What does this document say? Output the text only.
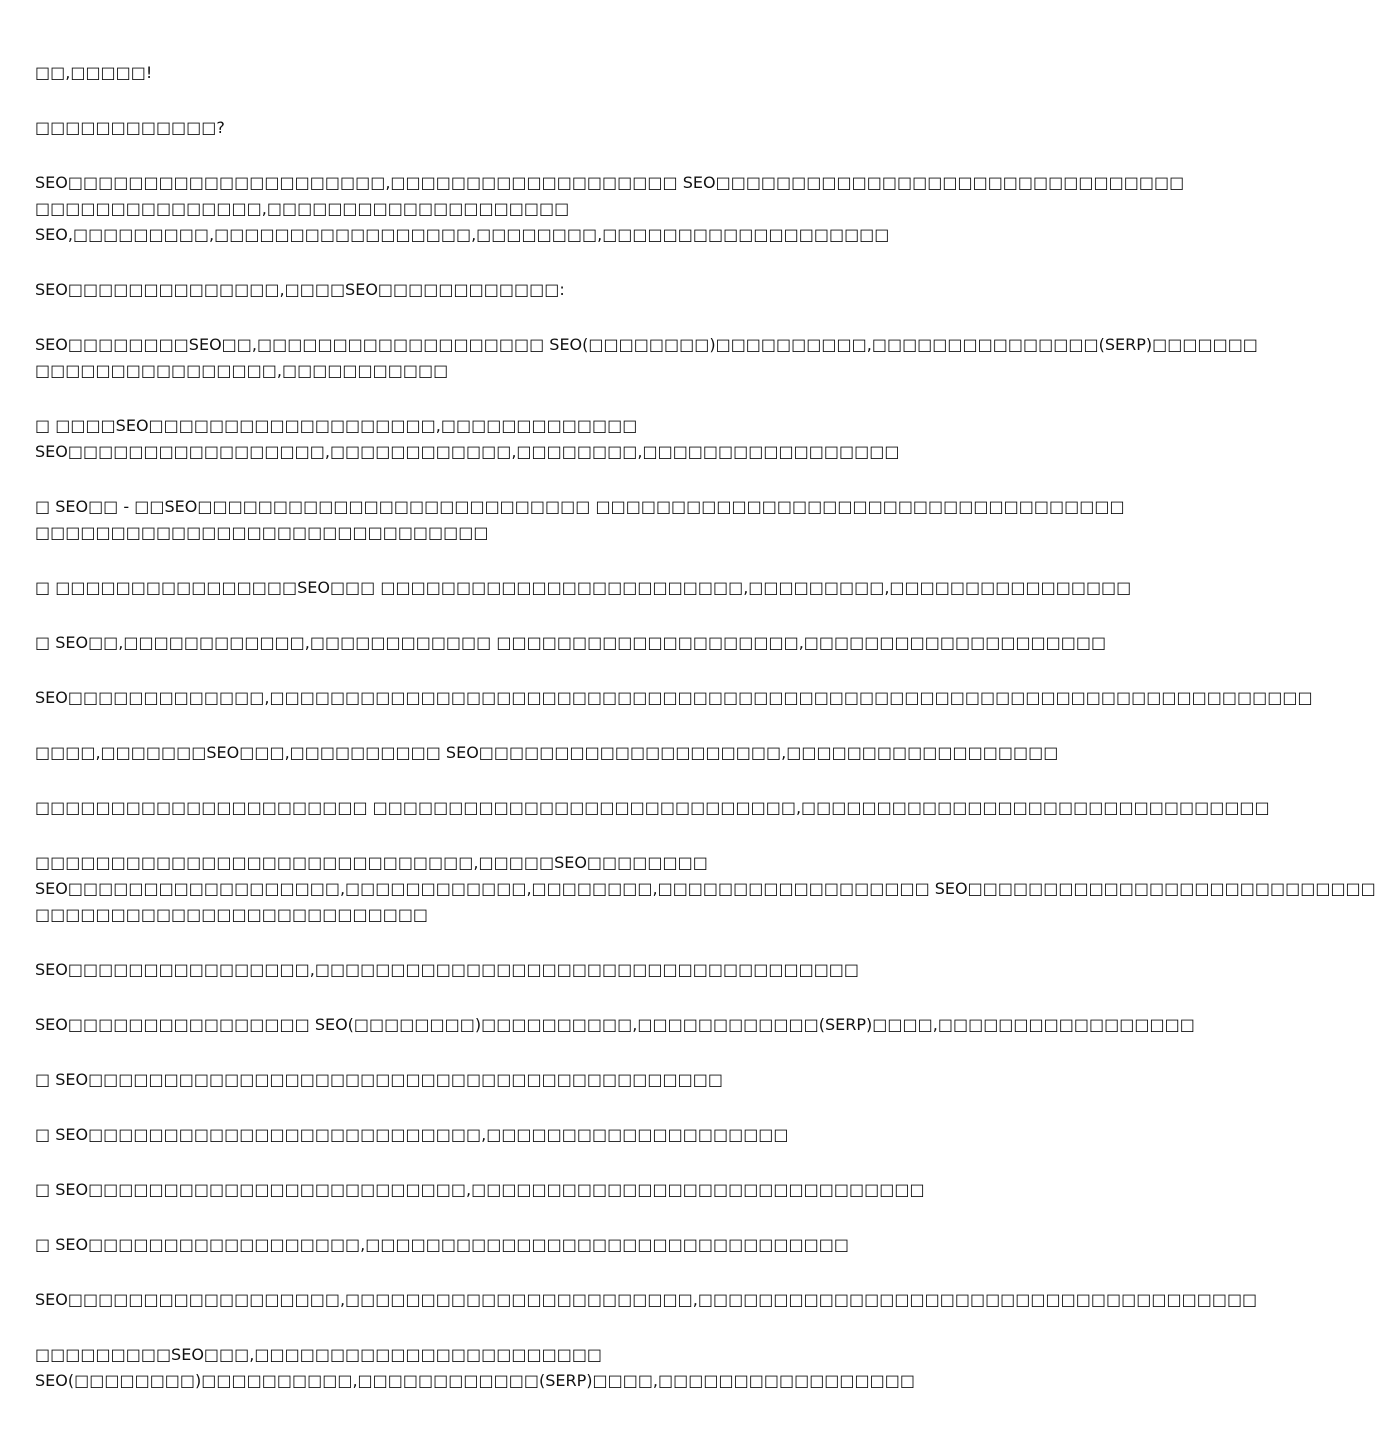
□□,□□□□□!
□□□□□□□□□□□□?
SEO□□□□□□□□□□□□□□□□□□□□□,□□□□□□□□□□□□□□□□□□□ SEO□□□□□□□□□□□□□□□□□□□□□□□□□□□□□□□
□□□□□□□□□□□□□□□,□□□□□□□□□□□□□□□□□□□□
SEO,□□□□□□□□□,□□□□□□□□□□□□□□□□□,□□□□□□□□,□□□□□□□□□□□□□□□□□□□
SEO□□□□□□□□□□□□□□,□□□□SEO□□□□□□□□□□□□:
SEO□□□□□□□□SEO□□,□□□□□□□□□□□□□□□□□□□ SEO(□□□□□□□□)□□□□□□□□□□,□□□□□□□□□□□□□□□(SERP)□□□□□□□
□□□□□□□□□□□□□□□□,□□□□□□□□□□□
□ □□□□SEO□□□□□□□□□□□□□□□□□□□,□□□□□□□□□□□□□
SEO□□□□□□□□□□□□□□□□□,□□□□□□□□□□□□,□□□□□□□□,□□□□□□□□□□□□□□□□□
□ SEO□□ - □□SEO□□□□□□□□□□□□□□□□□□□□□□□□□□ □□□□□□□□□□□□□□□□□□□□□□□□□□□□□□□□□□□
□□□□□□□□□□□□□□□□□□□□□□□□□□□□□□
□ □□□□□□□□□□□□□□□□SEO□□□ □□□□□□□□□□□□□□□□□□□□□□□□,□□□□□□□□□,□□□□□□□□□□□□□□□□
□ SEO□□,□□□□□□□□□□□□,□□□□□□□□□□□□ □□□□□□□□□□□□□□□□□□□□,□□□□□□□□□□□□□□□□□□□□
SEO□□□□□□□□□□□□□,□□□□□□□□□□□□□□□□□□□□□□□□□□□□□□□□□□□□□□□□□□□□□□□□□□□□□□□□□□□□□□□□□□□□□
□□□□,□□□□□□□SEO□□□,□□□□□□□□□□ SEO□□□□□□□□□□□□□□□□□□□□,□□□□□□□□□□□□□□□□□□
□□□□□□□□□□□□□□□□□□□□□□ □□□□□□□□□□□□□□□□□□□□□□□□□□□□,□□□□□□□□□□□□□□□□□□□□□□□□□□□□□□□
□□□□□□□□□□□□□□□□□□□□□□□□□□□□□,□□□□□SEO□□□□□□□□
SEO□□□□□□□□□□□□□□□□□□,□□□□□□□□□□□□,□□□□□□□□,□□□□□□□□□□□□□□□□□□ SEO□□□□□□□□□□□□□□□□□□□□□□□□□□□
□□□□□□□□□□□□□□□□□□□□□□□□□□
SEO□□□□□□□□□□□□□□□□,□□□□□□□□□□□□□□□□□□□□□□□□□□□□□□□□□□□□
SEO□□□□□□□□□□□□□□□□ SEO(□□□□□□□□)□□□□□□□□□□,□□□□□□□□□□□□(SERP)□□□□,□□□□□□□□□□□□□□□□□
□ SEO□□□□□□□□□□□□□□□□□□□□□□□□□□□□□□□□□□□□□□□□□□
□ SEO□□□□□□□□□□□□□□□□□□□□□□□□□□,□□□□□□□□□□□□□□□□□□□□
□ SEO□□□□□□□□□□□□□□□□□□□□□□□□□,□□□□□□□□□□□□□□□□□□□□□□□□□□□□□□
□ SEO□□□□□□□□□□□□□□□□□□,□□□□□□□□□□□□□□□□□□□□□□□□□□□□□□□□
SEO□□□□□□□□□□□□□□□□□□,□□□□□□□□□□□□□□□□□□□□□□□,□□□□□□□□□□□□□□□□□□□□□□□□□□□□□□□□□□□□□
□□□□□□□□□SEO□□□,□□□□□□□□□□□□□□□□□□□□□□□
SEO(□□□□□□□□)□□□□□□□□□□,□□□□□□□□□□□□(SERP)□□□□,□□□□□□□□□□□□□□□□□
